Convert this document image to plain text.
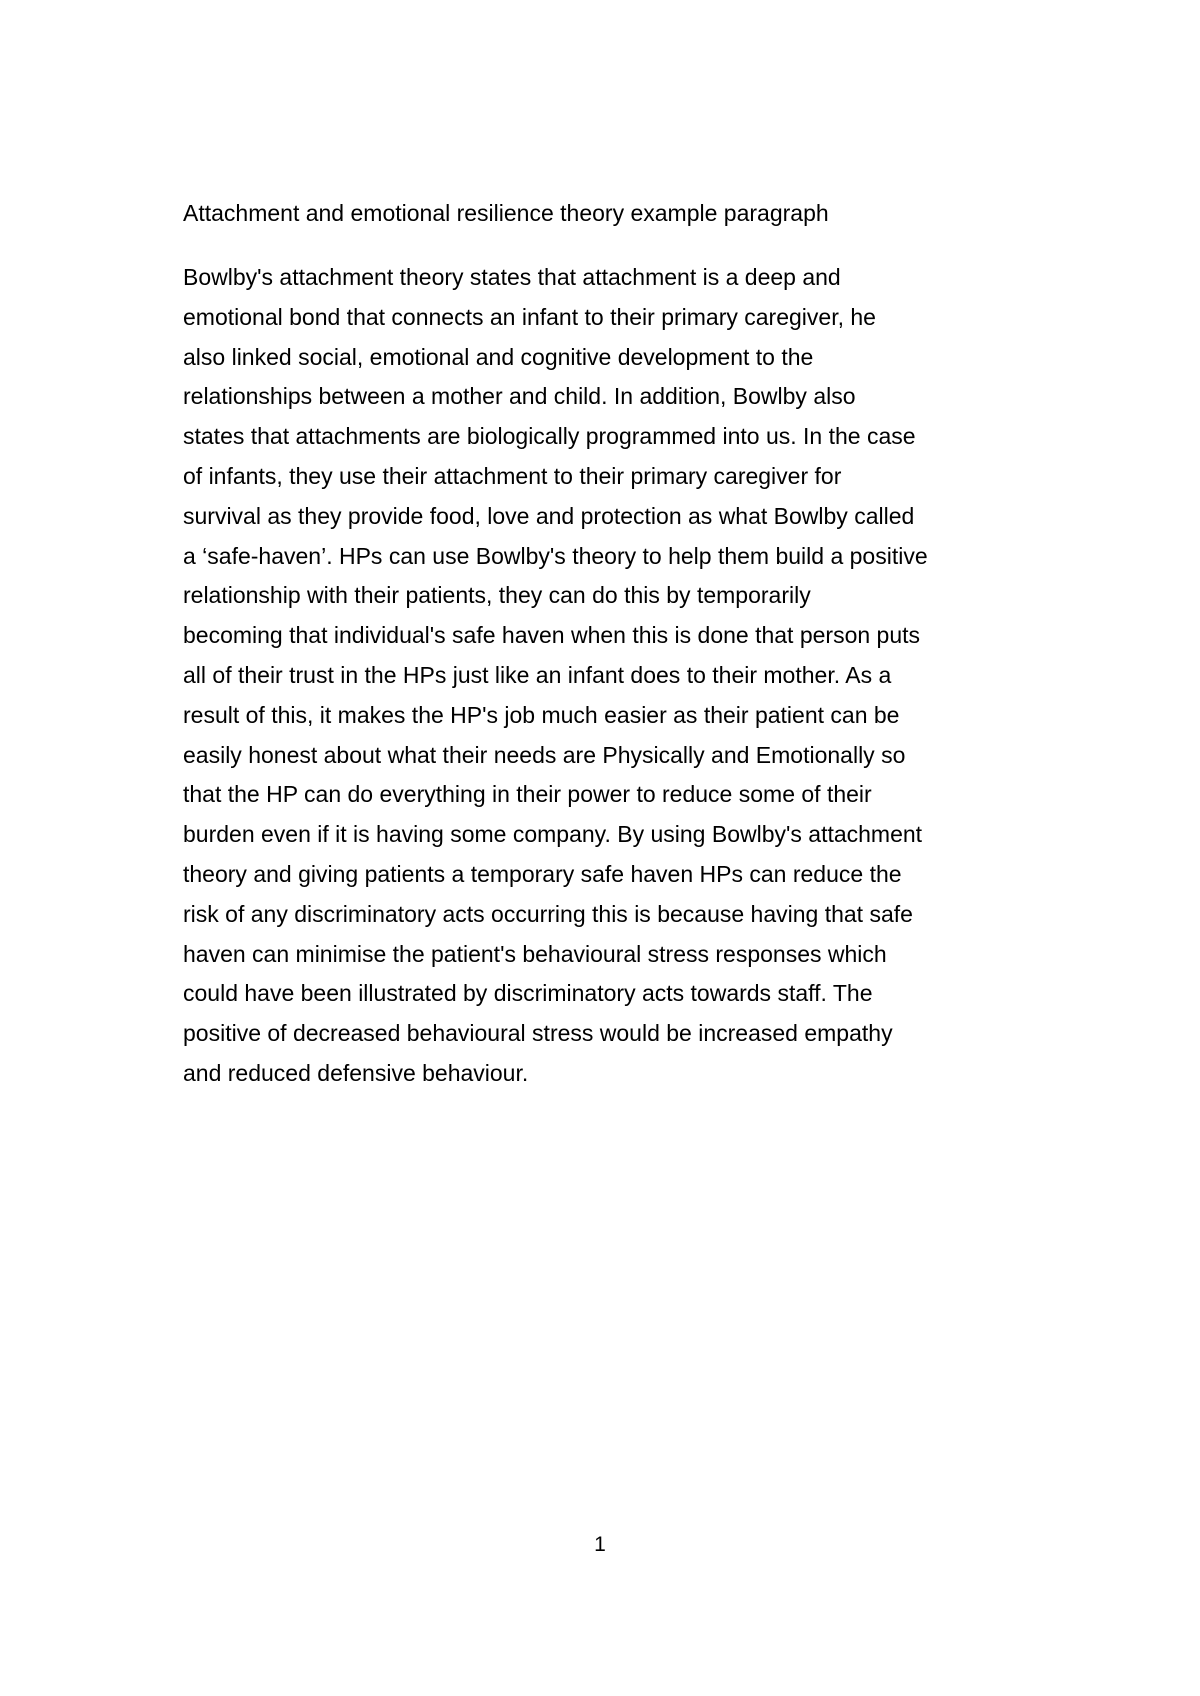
Attachment and emotional resilience theory example paragraph
Bowlby's attachment theory states that attachment is a deep and
emotional bond that connects an infant to their primary caregiver, he
also linked social, emotional and cognitive development to the
relationships between a mother and child. In addition, Bowlby also
states that attachments are biologically programmed into us. In the case
of infants, they use their attachment to their primary caregiver for
survival as they provide food, love and protection as what Bowlby called
a ‘safe-haven’. HPs can use Bowlby's theory to help them build a positive
relationship with their patients, they can do this by temporarily
becoming that individual's safe haven when this is done that person puts
all of their trust in the HPs just like an infant does to their mother. As a
result of this, it makes the HP's job much easier as their patient can be
easily honest about what their needs are Physically and Emotionally so
that the HP can do everything in their power to reduce some of their
burden even if it is having some company. By using Bowlby's attachment
theory and giving patients a temporary safe haven HPs can reduce the
risk of any discriminatory acts occurring this is because having that safe
haven can minimise the patient's behavioural stress responses which
could have been illustrated by discriminatory acts towards staff. The
positive of decreased behavioural stress would be increased empathy
and reduced defensive behaviour.
1
